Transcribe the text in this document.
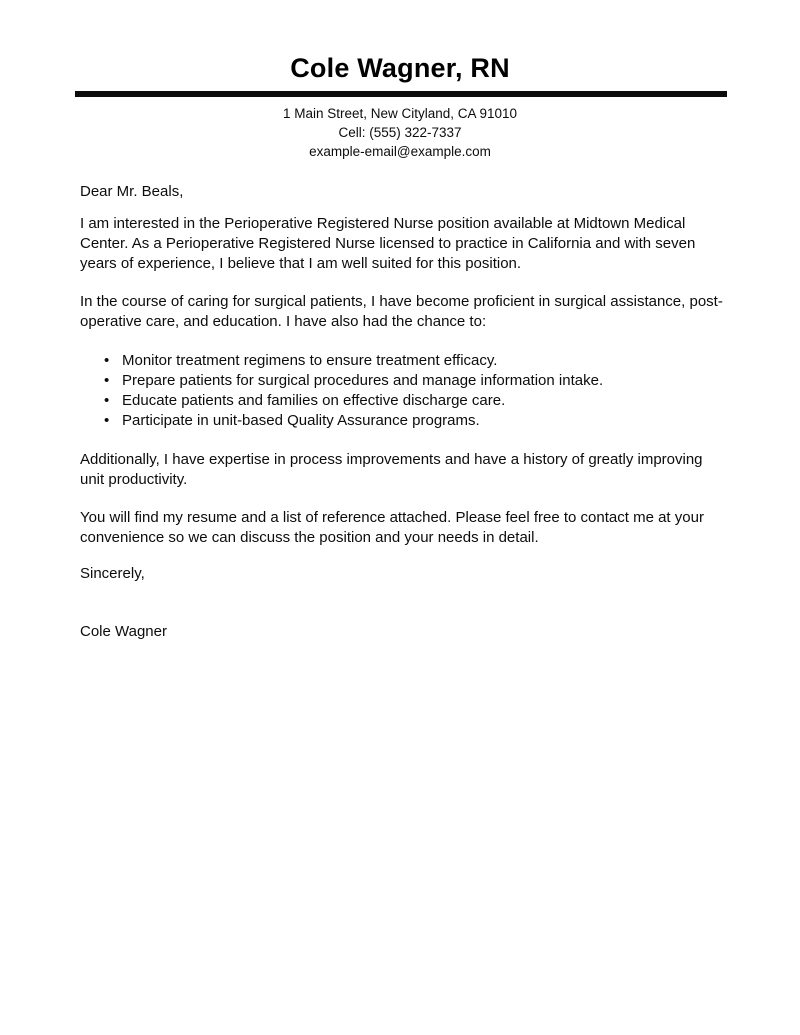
Cole Wagner, RN
1 Main Street, New Cityland, CA 91010
Cell: (555) 322-7337
example-email@example.com

Dear Mr. Beals,

I am interested in the Perioperative Registered Nurse position available at Midtown Medical Center. As a Perioperative Registered Nurse licensed to practice in California and with seven years of experience, I believe that I am well suited for this position.

In the course of caring for surgical patients, I have become proficient in surgical assistance, post-operative care, and education. I have also had the chance to:

• Monitor treatment regimens to ensure treatment efficacy.
• Prepare patients for surgical procedures and manage information intake.
• Educate patients and families on effective discharge care.
• Participate in unit-based Quality Assurance programs.

Additionally, I have expertise in process improvements and have a history of greatly improving unit productivity.

You will find my resume and a list of reference attached. Please feel free to contact me at your convenience so we can discuss the position and your needs in detail.

Sincerely,

Cole Wagner
